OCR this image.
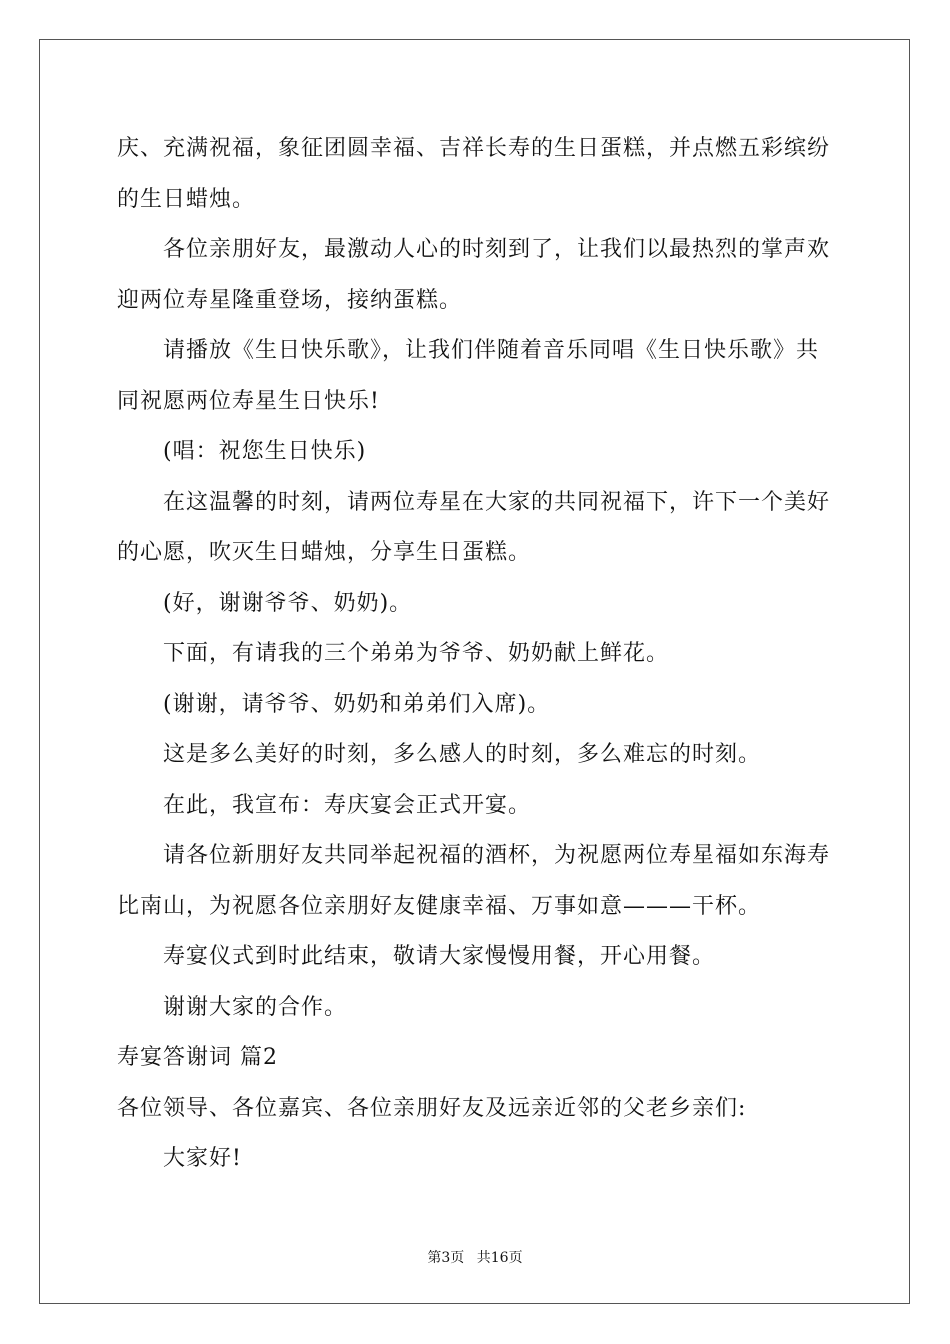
庆、充满祝福，象征团圆幸福、吉祥长寿的生日蛋糕，并点燃五彩缤纷的生日蜡烛。

各位亲朋好友，最激动人心的时刻到了，让我们以最热烈的掌声欢迎两位寿星隆重登场，接纳蛋糕。

请播放《生日快乐歌》，让我们伴随着音乐同唱《生日快乐歌》共同祝愿两位寿星生日快乐!

(唱：祝您生日快乐)

在这温馨的时刻，请两位寿星在大家的共同祝福下，许下一个美好的心愿，吹灭生日蜡烛，分享生日蛋糕。

(好，谢谢爷爷、奶奶)。

下面，有请我的三个弟弟为爷爷、奶奶献上鲜花。

(谢谢，请爷爷、奶奶和弟弟们入席)。

这是多么美好的时刻，多么感人的时刻，多么难忘的时刻。

在此，我宣布：寿庆宴会正式开宴。

请各位新朋好友共同举起祝福的酒杯，为祝愿两位寿星福如东海寿比南山，为祝愿各位亲朋好友健康幸福、万事如意———干杯。

寿宴仪式到时此结束，敬请大家慢慢用餐，开心用餐。

谢谢大家的合作。

寿宴答谢词 篇2

各位领导、各位嘉宾、各位亲朋好友及远亲近邻的父老乡亲们:

大家好!

第3页 共16页
